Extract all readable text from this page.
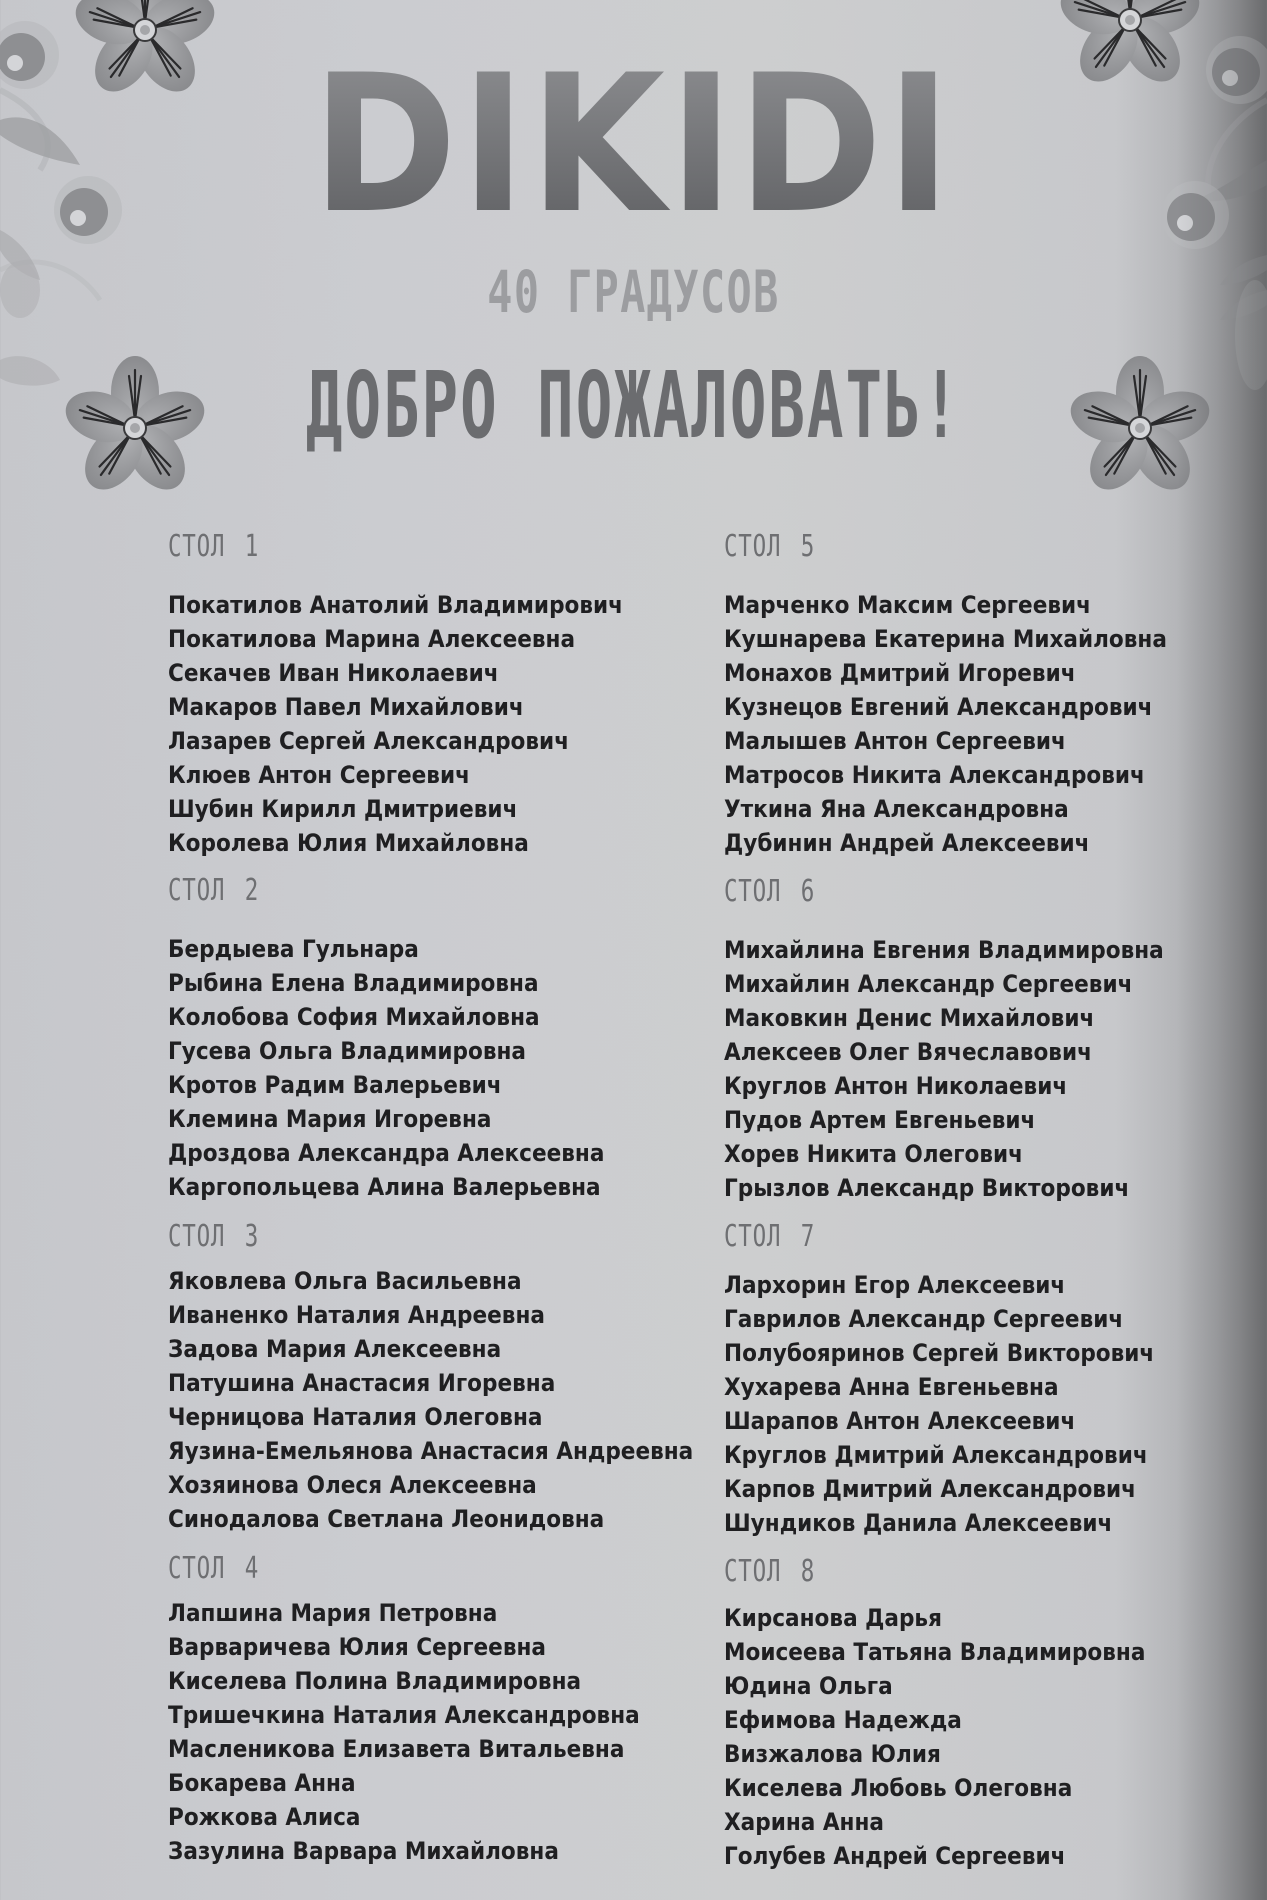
DIKIDI
40 ГРАДУСОВ
ДОБРО ПОЖАЛОВАТЬ!
СТОЛ 1
Покатилов Анатолий Владимирович
Покатилова Марина Алексеевна
Секачев Иван Николаевич
Макаров Павел Михайлович
Лазарев Сергей Александрович
Клюев Антон Сергеевич
Шубин Кирилл Дмитриевич
Королева Юлия Михайловна
СТОЛ 2
Бердыева Гульнара
Рыбина Елена Владимировна
Колобова София Михайловна
Гусева Ольга Владимировна
Кротов Радим Валерьевич
Клемина Мария Игоревна
Дроздова Александра Алексеевна
Каргопольцева Алина Валерьевна
СТОЛ 3
Яковлева Ольга Васильевна
Иваненко Наталия Андреевна
Задова Мария Алексеевна
Патушина Анастасия Игоревна
Черницова Наталия Олеговна
Яузина-Емельянова Анастасия Андреевна
Хозяинова Олеся Алексеевна
Синодалова Светлана Леонидовна
СТОЛ 4
Лапшина Мария Петровна
Варваричева Юлия Сергеевна
Киселева Полина Владимировна
Тришечкина Наталия Александровна
Масленикова Елизавета Витальевна
Бокарева Анна
Рожкова Алиса
Зазулина Варвара Михайловна
СТОЛ 5
Марченко Максим Сергеевич
Кушнарева Екатерина Михайловна
Монахов Дмитрий Игоревич
Кузнецов Евгений Александрович
Малышев Антон Сергеевич
Матросов Никита Александрович
Уткина Яна Александровна
Дубинин Андрей Алексеевич
СТОЛ 6
Михайлина Евгения Владимировна
Михайлин Александр Сергеевич
Маковкин Денис Михайлович
Алексеев Олег Вячеславович
Круглов Антон Николаевич
Пудов Артем Евгеньевич
Хорев Никита Олегович
Грызлов Александр Викторович
СТОЛ 7
Лархорин Егор Алексеевич
Гаврилов Александр Сергеевич
Полубояринов Сергей Викторович
Хухарева Анна Евгеньевна
Шарапов Антон Алексеевич
Круглов Дмитрий Александрович
Карпов Дмитрий Александрович
Шундиков Данила Алексеевич
СТОЛ 8
Кирсанова Дарья
Моисеева Татьяна Владимировна
Юдина Ольга
Ефимова Надежда
Визжалова Юлия
Киселева Любовь Олеговна
Харина Анна
Голубев Андрей Сергеевич
